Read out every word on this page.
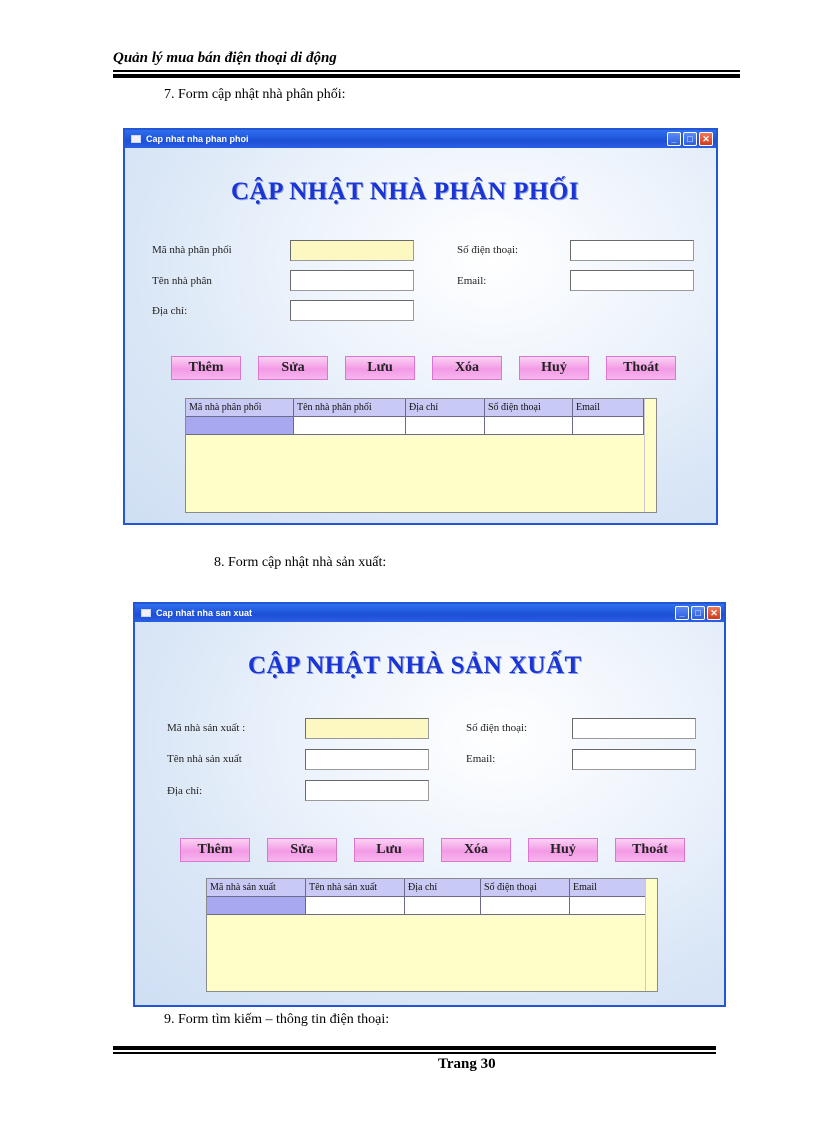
Quản lý mua bán điện thoại di động
7. Form cập nhật nhà phân phối:
Cap nhat nha phan phoi	_	□	✕
CẬP NHẬT NHÀ PHÂN PHỐI
Mã nhà phân phối
Tên nhà phân
Địa chỉ:
Số điện thoại:
Email:
Thêm	Sửa	Lưu	Xóa	Huỷ	Thoát
Mã nhà phân phối	Tên nhà phân phối	Địa chỉ	Số điện thoại	Email
8. Form cập nhật nhà sản xuất:
Cap nhat nha san xuat	_	□	✕
CẬP NHẬT NHÀ SẢN XUẤT
Mã nhà sản xuất :
Tên nhà sản xuất
Địa chỉ:
Số điện thoại:
Email:
Thêm	Sửa	Lưu	Xóa	Huỷ	Thoát
Mã nhà sản xuất	Tên nhà sản xuất	Địa chỉ	Số điện thoại	Email
9. Form tìm kiếm – thông tin điện thoại:
Trang 30
